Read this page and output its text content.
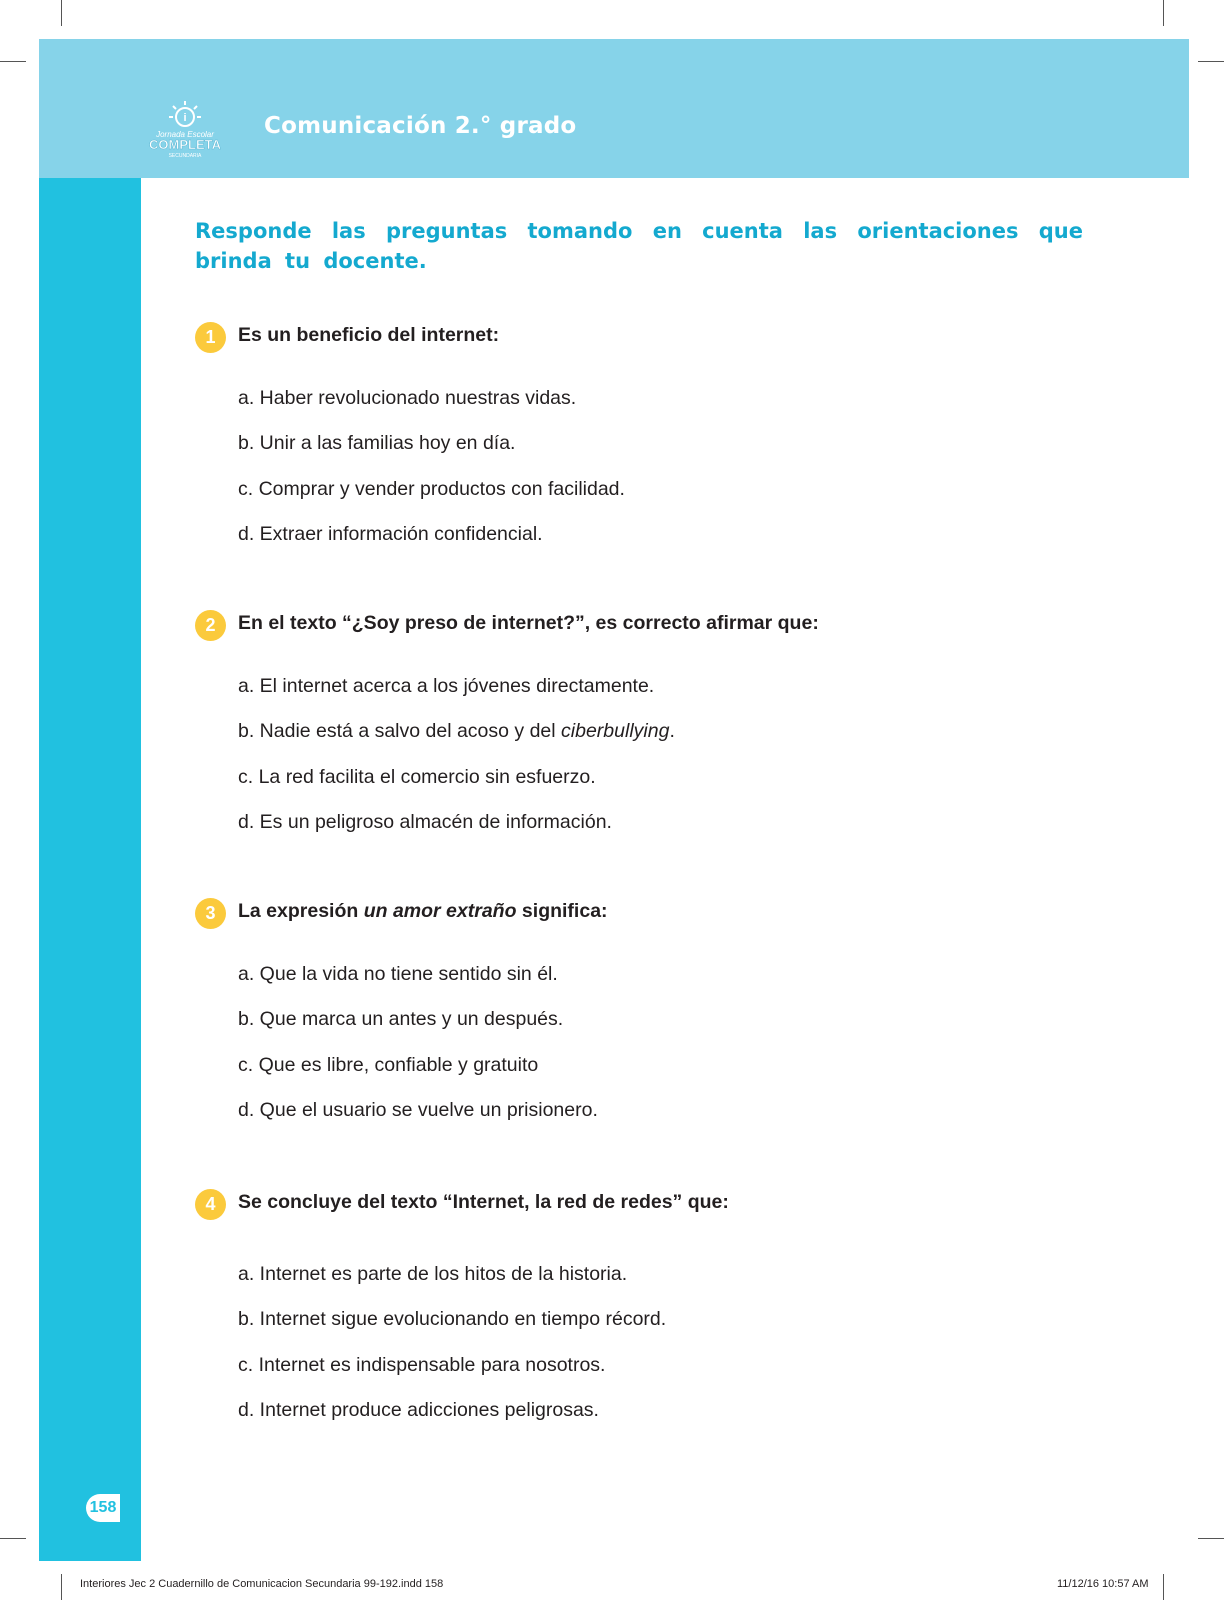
i
Jornada Escolar
COMPLETA
SECUNDARIA
Comunicación 2.° grado
158
Responde las preguntas tomando en cuenta las orientaciones que brinda tu docente.
1	Es un beneficio del internet:
a. Haber revolucionado nuestras vidas.
b. Unir a las familias hoy en día.
c. Comprar y vender productos con facilidad.
d. Extraer información confidencial.
2	En el texto “¿Soy preso de internet?”, es correcto afirmar que:
a. El internet acerca a los jóvenes directamente.
b. Nadie está a salvo del acoso y del ciberbullying.
c. La red facilita el comercio sin esfuerzo.
d. Es un peligroso almacén de información.
3	La expresión un amor extraño significa:
a. Que la vida no tiene sentido sin él.
b. Que marca un antes y un después.
c. Que es libre, confiable y gratuito
d. Que el usuario se vuelve un prisionero.
4	Se concluye del texto “Internet, la red de redes” que:
a. Internet es parte de los hitos de la historia.
b. Internet sigue evolucionando en tiempo récord.
c. Internet es indispensable para nosotros.
d. Internet produce adicciones peligrosas.
Interiores Jec 2 Cuadernillo de Comunicacion Secundaria 99-192.indd 158	11/12/16 10:57 AM
